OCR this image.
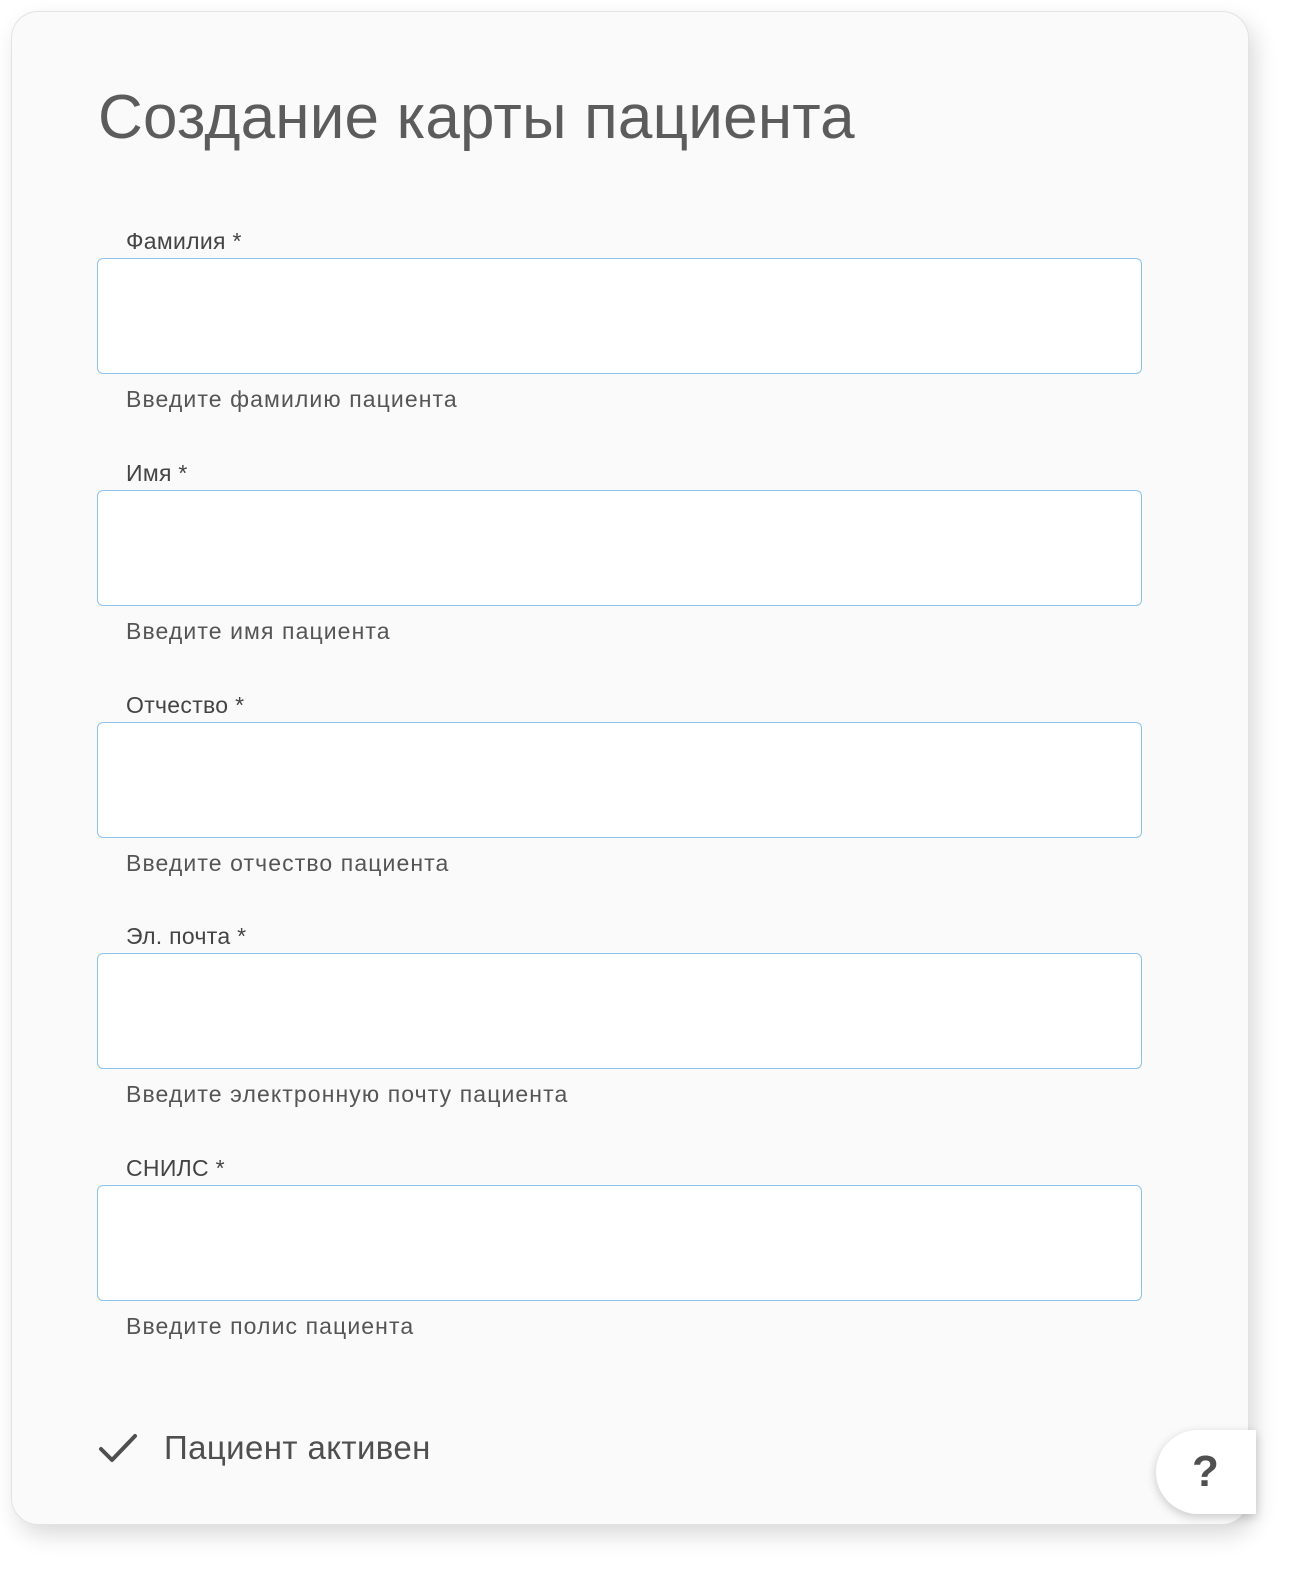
Создание карты пациента
Фамилия *
Введите фамилию пациента
Имя *
Введите имя пациента
Отчество *
Введите отчество пациента
Эл. почта *
Введите электронную почту пациента
СНИЛС *
Введите полис пациента
Пациент активен	?
